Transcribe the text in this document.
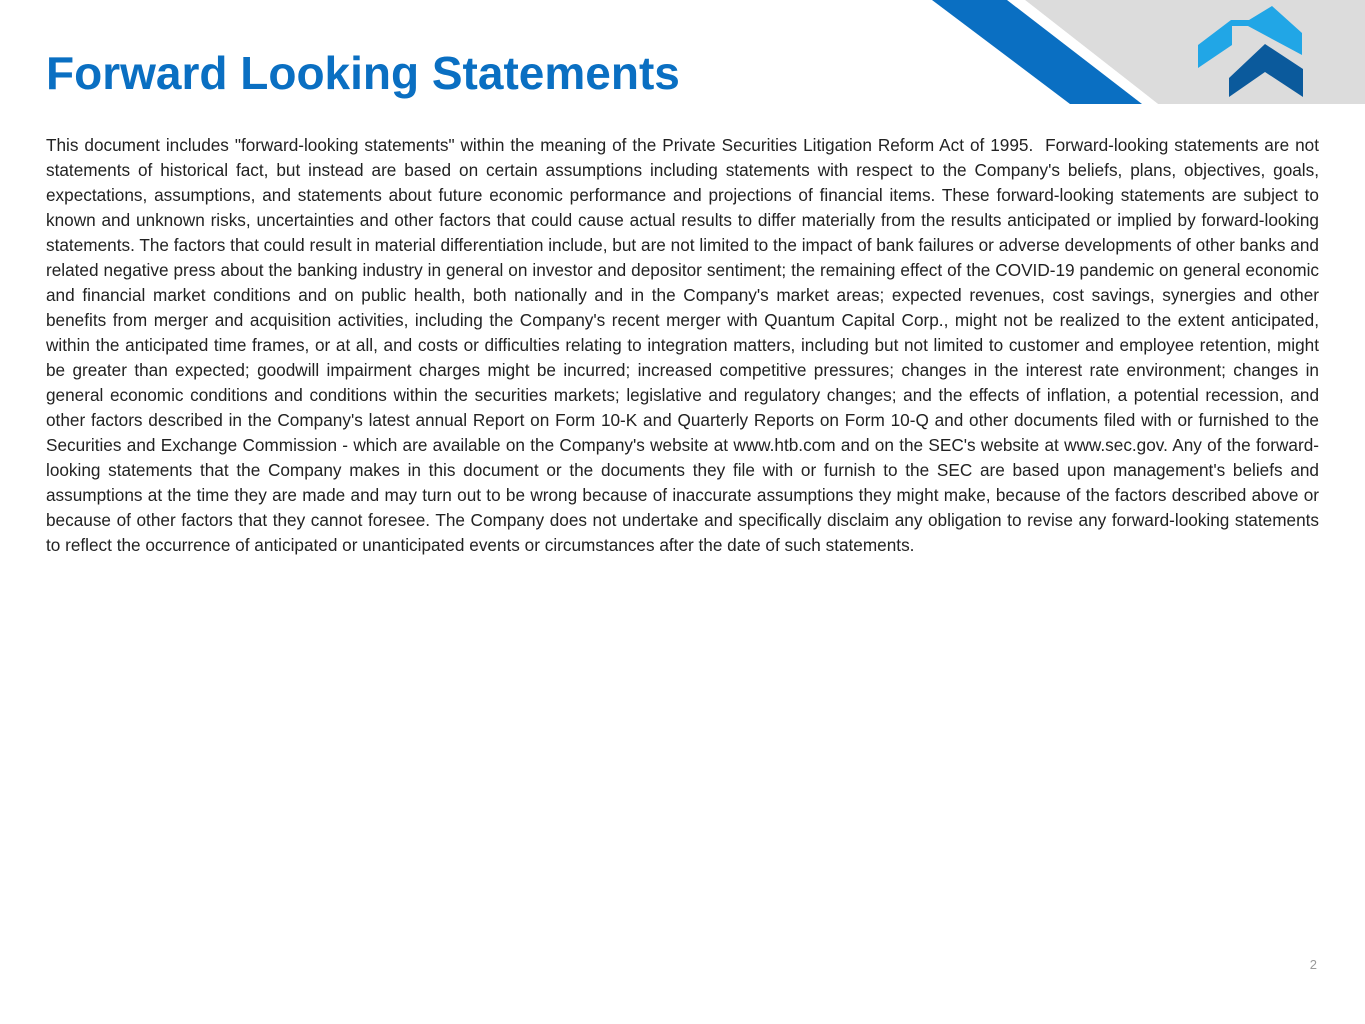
Forward Looking Statements

This document includes "forward-looking statements" within the meaning of the Private Securities Litigation Reform Act of 1995.  Forward-looking statements are not statements of historical fact, but instead are based on certain assumptions including statements with respect to the Company's beliefs, plans, objectives, goals, expectations, assumptions, and statements about future economic performance and projections of financial items. These forward-looking statements are subject to known and unknown risks, uncertainties and other factors that could cause actual results to differ materially from the results anticipated or implied by forward-looking statements. The factors that could result in material differentiation include, but are not limited to the impact of bank failures or adverse developments of other banks and related negative press about the banking industry in general on investor and depositor sentiment; the remaining effect of the COVID-19 pandemic on general economic and financial market conditions and on public health, both nationally and in the Company's market areas; expected revenues, cost savings, synergies and other benefits from merger and acquisition activities, including the Company's recent merger with Quantum Capital Corp., might not be realized to the extent anticipated, within the anticipated time frames, or at all, and costs or difficulties relating to integration matters, including but not limited to customer and employee retention, might be greater than expected; goodwill impairment charges might be incurred; increased competitive pressures; changes in the interest rate environment; changes in general economic conditions and conditions within the securities markets; legislative and regulatory changes; and the effects of inflation, a potential recession, and other factors described in the Company's latest annual Report on Form 10-K and Quarterly Reports on Form 10-Q and other documents filed with or furnished to the Securities and Exchange Commission - which are available on the Company's website at www.htb.com and on the SEC's website at www.sec.gov. Any of the forward-looking statements that the Company makes in this document or the documents they file with or furnish to the SEC are based upon management's beliefs and assumptions at the time they are made and may turn out to be wrong because of inaccurate assumptions they might make, because of the factors described above or because of other factors that they cannot foresee. The Company does not undertake and specifically disclaim any obligation to revise any forward-looking statements to reflect the occurrence of anticipated or unanticipated events or circumstances after the date of such statements.

2
